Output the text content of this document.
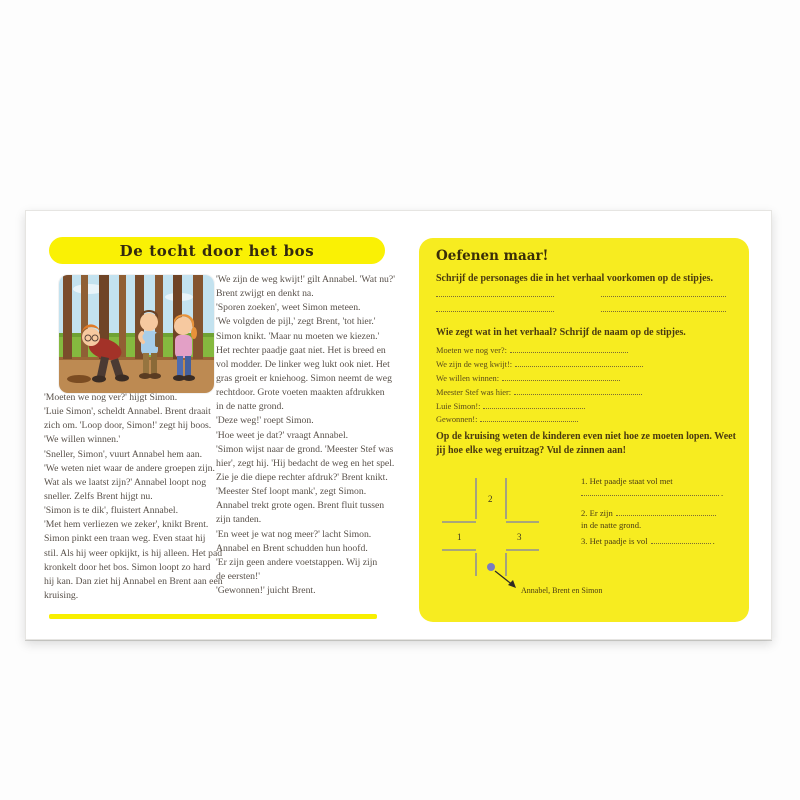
De tocht door het bos
'Moeten we nog ver?' hijgt Simon.
'Luie Simon', scheldt Annabel. Brent draait
zich om. 'Loop door, Simon!' zegt hij boos.
'We willen winnen.'
'Sneller, Simon', vuurt Annabel hem aan.
'We weten niet waar de andere groepen zijn.
Wat als we laatst zijn?' Annabel loopt nog
sneller. Zelfs Brent hijgt nu.
'Simon is te dik', fluistert Annabel.
'Met hem verliezen we zeker', knikt Brent.
Simon pinkt een traan weg. Even staat hij
stil. Als hij weer opkijkt, is hij alleen. Het pad
kronkelt door het bos. Simon loopt zo hard
hij kan. Dan ziet hij Annabel en Brent aan een
kruising.
'We zijn de weg kwijt!' gilt Annabel. 'Wat nu?'
Brent zwijgt en denkt na.
'Sporen zoeken', weet Simon meteen.
'We volgden de pijl,' zegt Brent, 'tot hier.'
Simon knikt. 'Maar nu moeten we kiezen.'
Het rechter paadje gaat niet. Het is breed en
vol modder. De linker weg lukt ook niet. Het
gras groeit er kniehoog. Simon neemt de weg
rechtdoor. Grote voeten maakten afdrukken
in de natte grond.
'Deze weg!' roept Simon.
'Hoe weet je dat?' vraagt Annabel.
'Simon wijst naar de grond. 'Meester Stef was
hier', zegt hij. 'Hij bedacht de weg en het spel.
Zie je die diepe rechter afdruk?' Brent knikt.
'Meester Stef loopt mank', zegt Simon.
Annabel trekt grote ogen. Brent fluit tussen
zijn tanden.
'En weet je wat nog meer?' lacht Simon.
Annabel en Brent schudden hun hoofd.
'Er zijn geen andere voetstappen. Wij zijn
de eersten!'
'Gewonnen!' juicht Brent.
Oefenen maar!

Schrijf de personages die in het verhaal voorkomen op de stipjes.

Wie zegt wat in het verhaal? Schrijf de naam op de stipjes.

Moeten we nog ver?:
We zijn de weg kwijt!:
We willen winnen:
Meester Stef was hier:
Luie Simon!:
Gewonnen!:

Op de kruising weten de kinderen even niet hoe ze moeten lopen. Weet jij hoe elke weg eruitzag? Vul de zinnen aan!

1
2
3
Annabel, Brent en Simon
1. Het paadje staat vol met
.
2. Er zijn
in de natte grond.
3. Het paadje is vol	.
